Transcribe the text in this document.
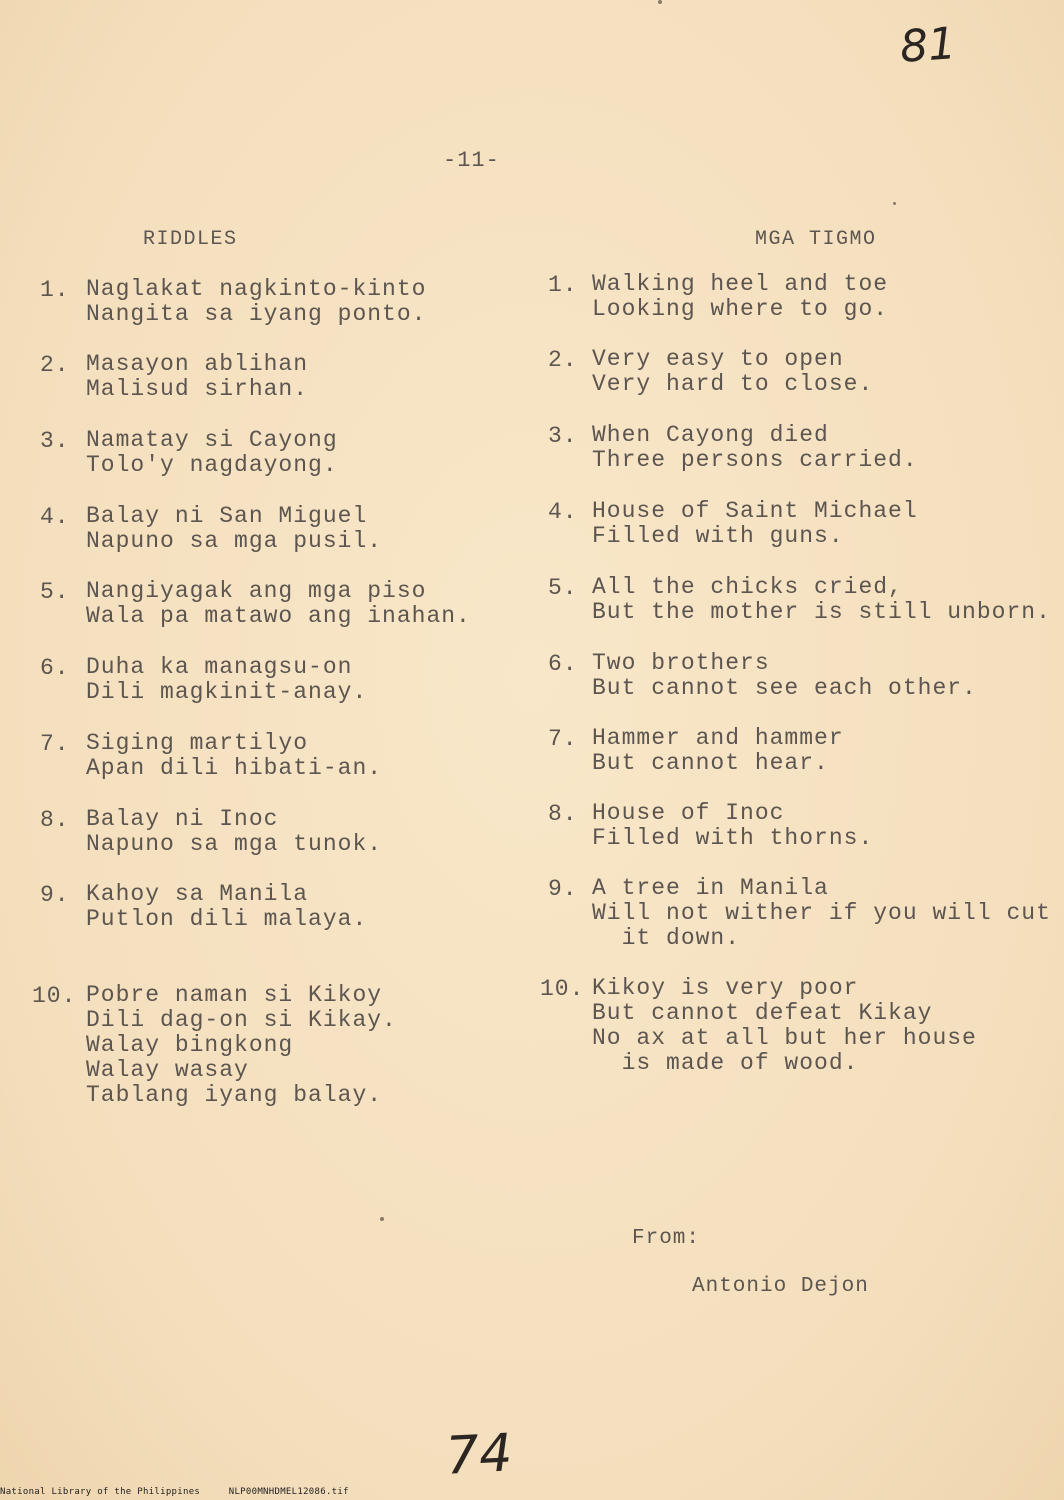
81
-11-
RIDDLES	MGA TIGMO
1. Naglakat nagkinto-kinto
Nangita sa iyang ponto.
2. Masayon ablihan
Malisud sirhan.
3. Namatay si Cayong
Tolo'y nagdayong.
4. Balay ni San Miguel
Napuno sa mga pusil.
5. Nangiyagak ang mga piso
Wala pa matawo ang inahan.
6. Duha ka managsu-on
Dili magkinit-anay.
7. Siging martilyo
Apan dili hibati-an.
8. Balay ni Inoc
Napuno sa mga tunok.
9. Kahoy sa Manila
Putlon dili malaya.
10. Pobre naman si Kikoy
Dili dag-on si Kikay.
Walay bingkong
Walay wasay
Tablang iyang balay.
1. Walking heel and toe
Looking where to go.
2. Very easy to open
Very hard to close.
3. When Cayong died
Three persons carried.
4. House of Saint Michael
Filled with guns.
5. All the chicks cried,
But the mother is still unborn.
6. Two brothers
But cannot see each other.
7. Hammer and hammer
But cannot hear.
8. House of Inoc
Filled with thorns.
9. A tree in Manila
Will not wither if you will cut
it down.
10. Kikoy is very poor
But cannot defeat Kikay
No ax at all but her house
is made of wood.
From:
Antonio Dejon
74
National Library of the Philippines     NLP00MNHDMEL12086.tif
